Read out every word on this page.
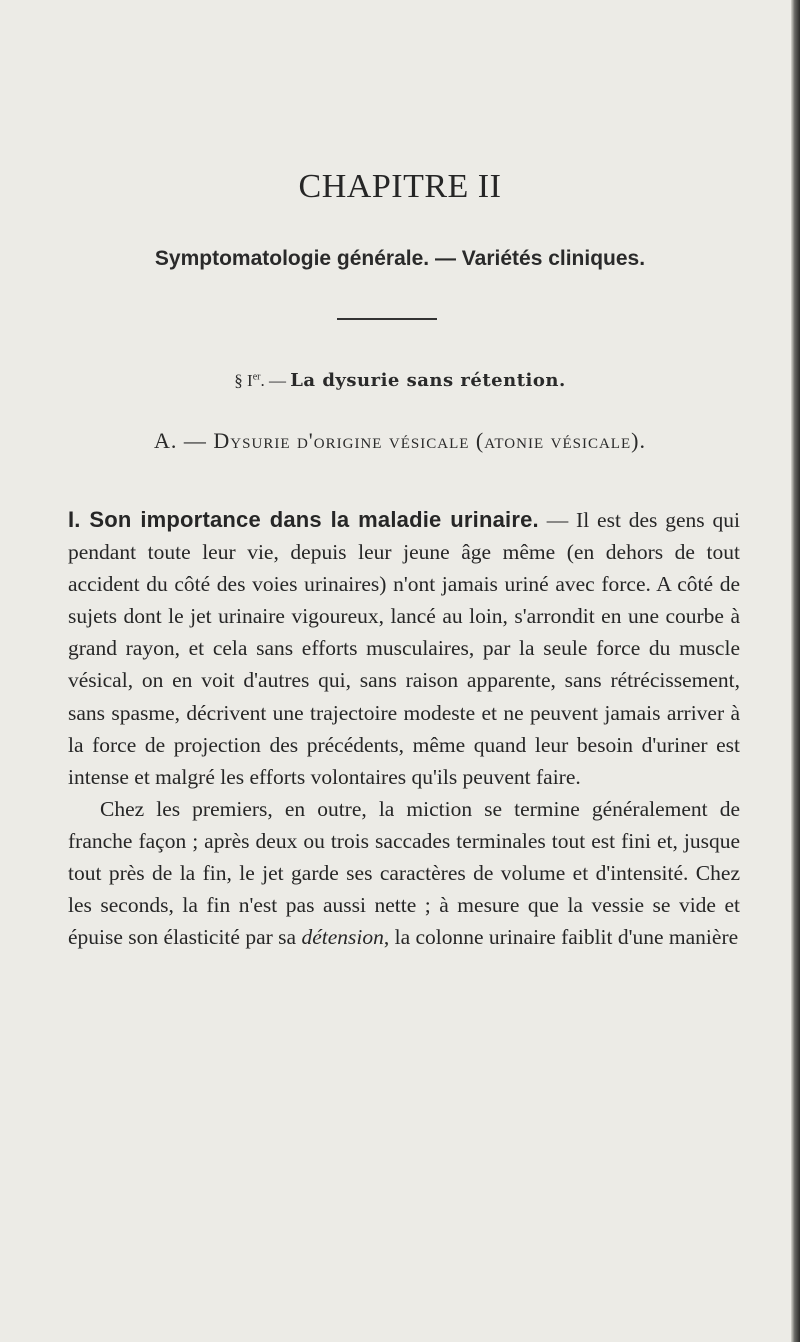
CHAPITRE II
Symptomatologie générale. — Variétés cliniques.
§ Ier. — La dysurie sans rétention.
A. — Dysurie d'origine vésicale (atonie vésicale).

I. Son importance dans la maladie urinaire. — Il est des gens qui pendant toute leur vie, depuis leur jeune âge même (en dehors de tout accident du côté des voies urinaires) n'ont jamais uriné avec force. A côté de sujets dont le jet urinaire vigoureux, lancé au loin, s'arrondit en une courbe à grand rayon, et cela sans efforts musculaires, par la seule force du muscle vésical, on en voit d'autres qui, sans raison apparente, sans rétrécissement, sans spasme, décrivent une trajectoire modeste et ne peuvent jamais arriver à la force de projection des précédents, même quand leur besoin d'uriner est intense et malgré les efforts volontaires qu'ils peuvent faire.

Chez les premiers, en outre, la miction se termine généralement de franche façon ; après deux ou trois saccades terminales tout est fini et, jusque tout près de la fin, le jet garde ses caractères de volume et d'intensité. Chez les seconds, la fin n'est pas aussi nette ; à mesure que la vessie se vide et épuise son élasticité par sa détension, la colonne urinaire faiblit d'une manière
